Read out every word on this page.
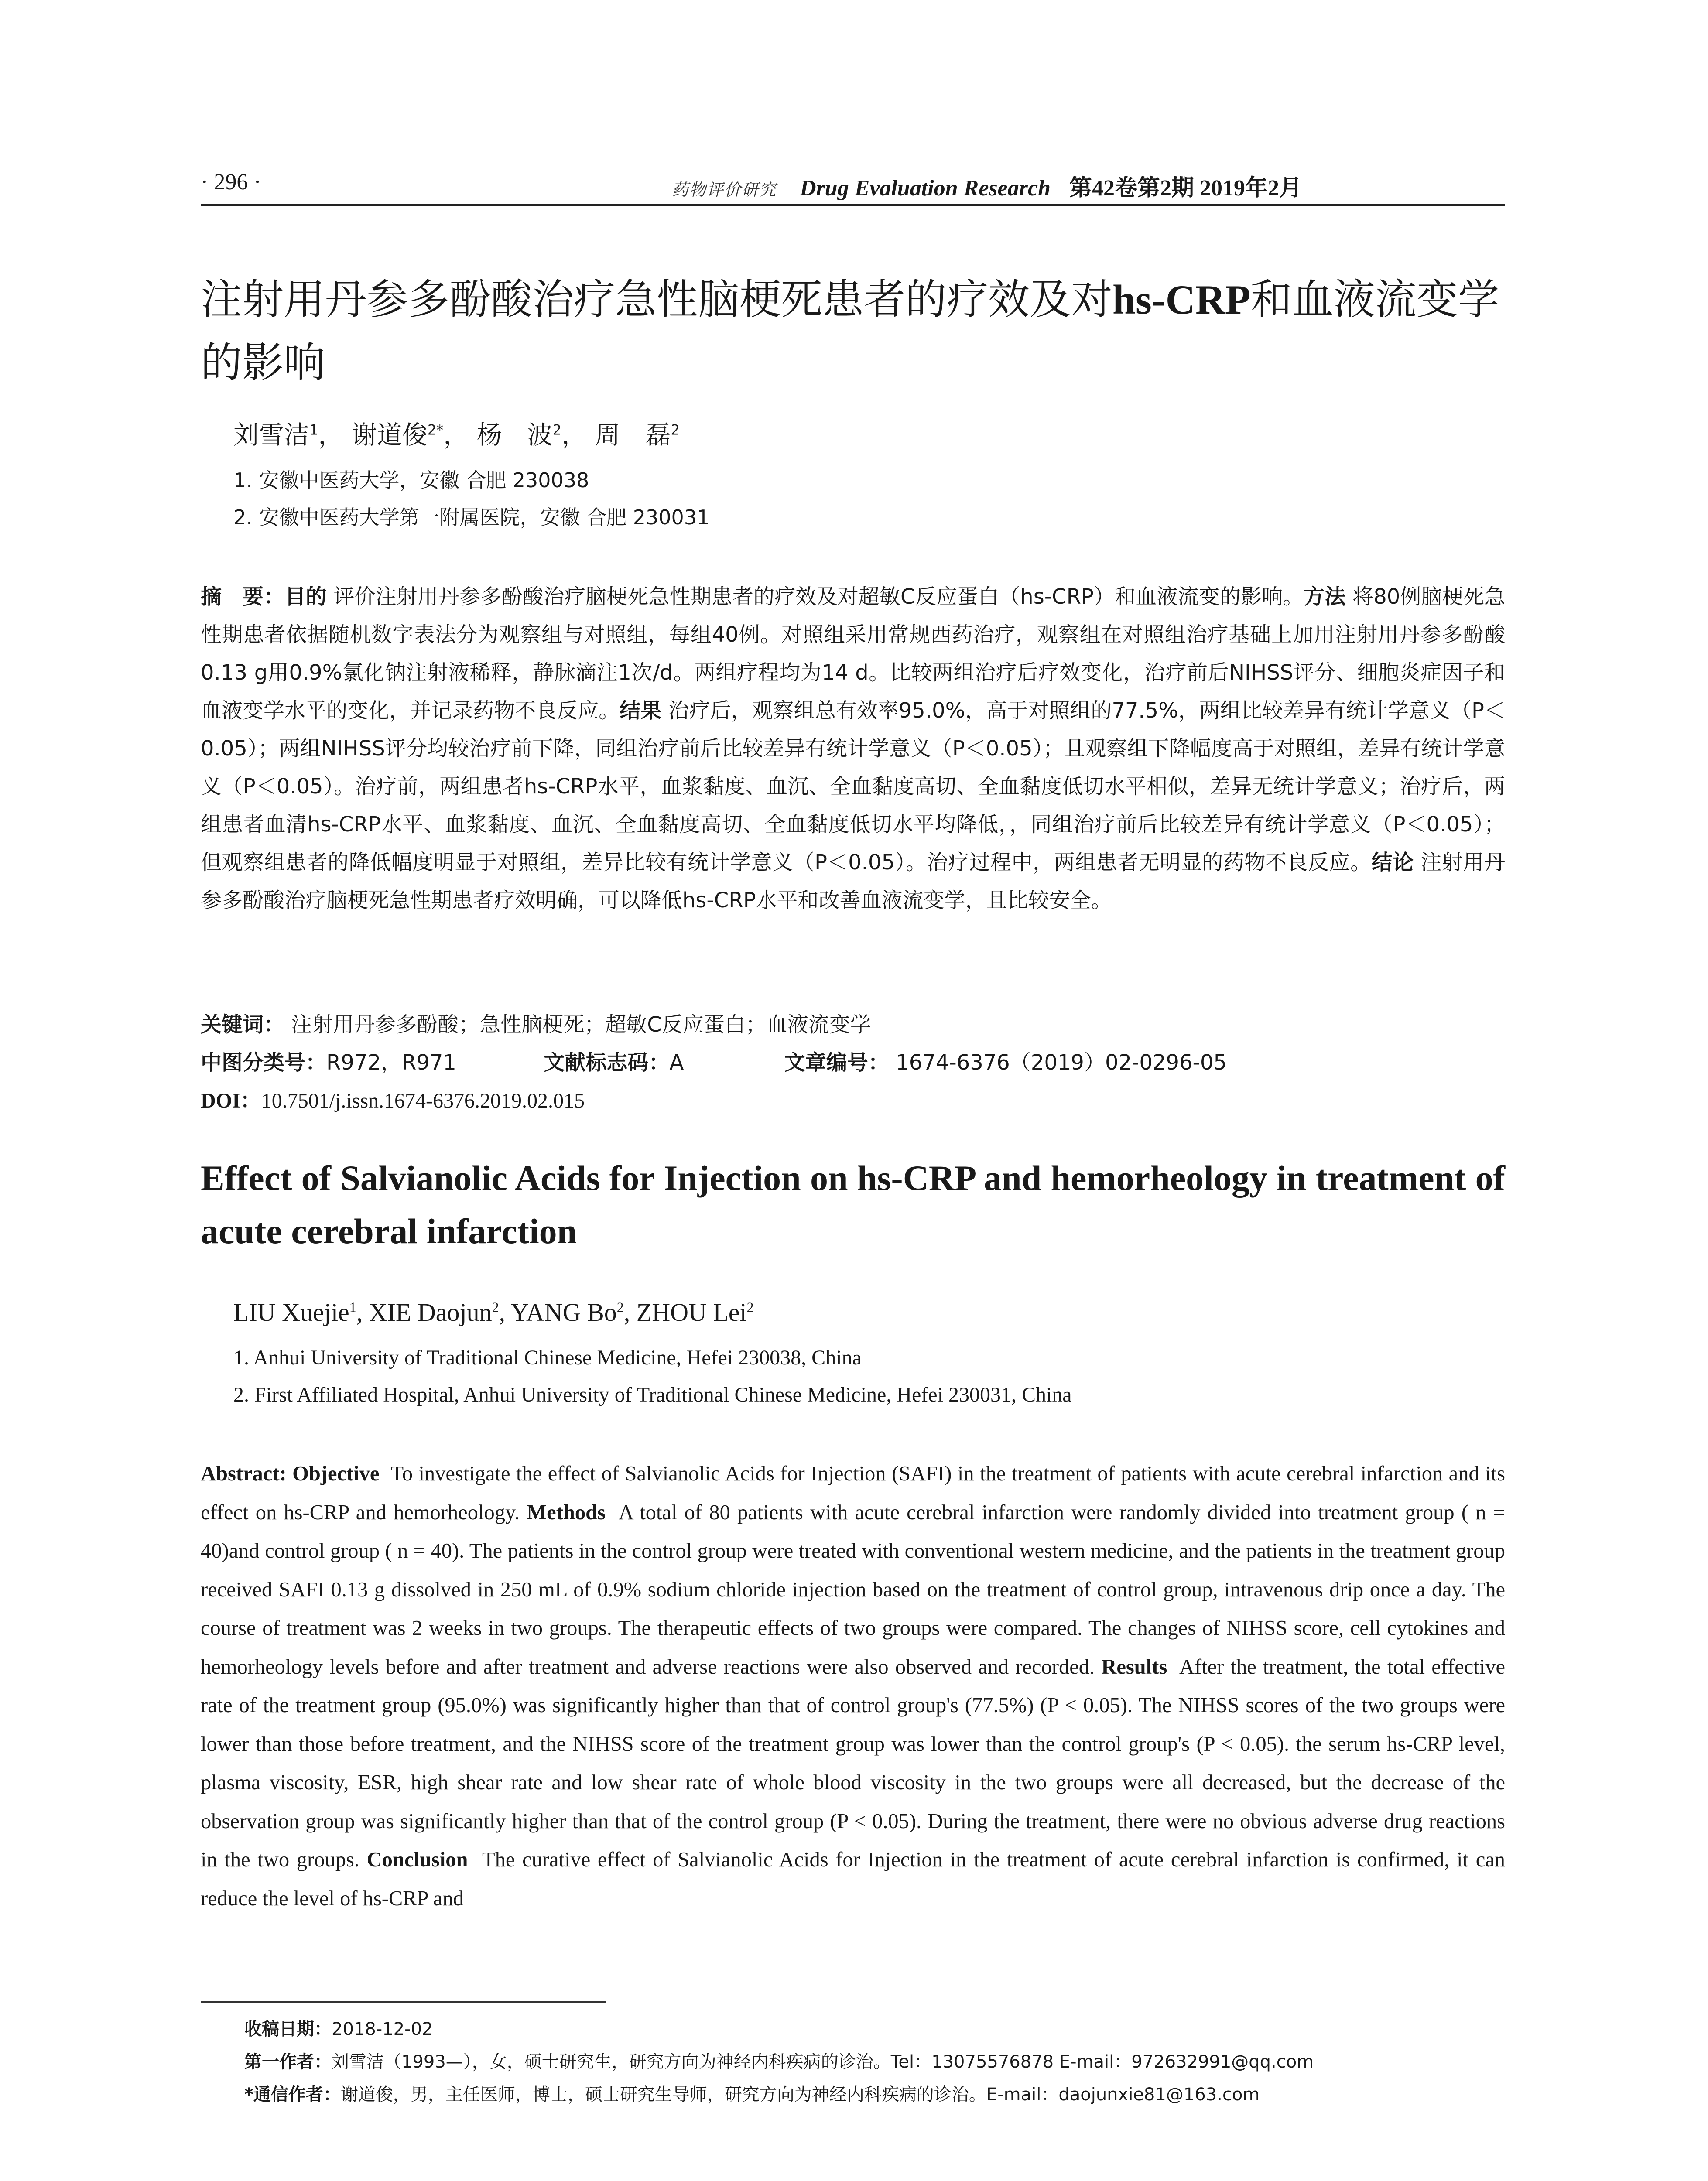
· 296 ·	药物评价研究 Drug Evaluation Research 第42卷第2期 2019年2月
注射用丹参多酚酸治疗急性脑梗死患者的疗效及对hs-CRP和血液流变学的影响
刘雪洁$^1$， 谢道俊$^{2*}$， 杨　波$^2$， 周　磊$^2$
1. 安徽中医药大学，安徽 合肥 230038
2. 安徽中医药大学第一附属医院，安徽 合肥 230031

摘　要：目的 评价注射用丹参多酚酸治疗脑梗死急性期患者的疗效及对超敏C反应蛋白（hs-CRP）和血液流变的影响。方法 将80例脑梗死急性期患者依据随机数字表法分为观察组与对照组，每组40例。对照组采用常规西药治疗，观察组在对照组治疗基础上加用注射用丹参多酚酸0.13 g用0.9%氯化钠注射液稀释，静脉滴注1次/d。两组疗程均为14 d。比较两组治疗后疗效变化，治疗前后NIHSS评分、细胞炎症因子和血液变学水平的变化，并记录药物不良反应。结果 治疗后，观察组总有效率95.0%，高于对照组的77.5%，两组比较差异有统计学意义（P＜0.05）；两组NIHSS评分均较治疗前下降，同组治疗前后比较差异有统计学意义（P＜0.05）；且观察组下降幅度高于对照组，差异有统计学意义（P＜0.05）。治疗前，两组患者hs-CRP水平，血浆黏度、血沉、全血黏度高切、全血黏度低切水平相似，差异无统计学意义；治疗后，两组患者血清hs-CRP水平、血浆黏度、血沉、全血黏度高切、全血黏度低切水平均降低，，同组治疗前后比较差异有统计学意义（P＜0.05）；但观察组患者的降低幅度明显于对照组，差异比较有统计学意义（P＜0.05）。治疗过程中，两组患者无明显的药物不良反应。结论 注射用丹参多酚酸治疗脑梗死急性期患者疗效明确，可以降低hs-CRP水平和改善血液流变学，且比较安全。

关键词： 注射用丹参多酚酸；急性脑梗死；超敏C反应蛋白；血液流变学
中图分类号：R972，R971	文献标志码：A	文章编号： 1674-6376（2019）02-0296-05
DOI：10.7501/j.issn.1674-6376.2019.02.015
Effect of Salvianolic Acids for Injection on hs-CRP and hemorheology in treatment of acute cerebral infarction
LIU Xuejie$^1$, XIE Daojun$^2$, YANG Bo$^2$, ZHOU Lei$^2$
1. Anhui University of Traditional Chinese Medicine, Hefei 230038, China
2. First Affiliated Hospital, Anhui University of Traditional Chinese Medicine, Hefei 230031, China
Abstract: Objective To investigate the effect of Salvianolic Acids for Injection (SAFI) in the treatment of patients with acute cerebral infarction and its effect on hs-CRP and hemorheology. Methods A total of 80 patients with acute cerebral infarction were randomly divided into treatment group ( n = 40)and control group ( n = 40). The patients in the control group were treated with conventional western medicine, and the patients in the treatment group received SAFI 0.13 g dissolved in 250 mL of 0.9% sodium chloride injection based on the treatment of control group, intravenous drip once a day. The course of treatment was 2 weeks in two groups. The therapeutic effects of two groups were compared. The changes of NIHSS score, cell cytokines and hemorheology levels before and after treatment and adverse reactions were also observed and recorded. Results After the treatment, the total effective rate of the treatment group (95.0%) was significantly higher than that of control group's (77.5%) (P < 0.05). The NIHSS scores of the two groups were lower than those before treatment, and the NIHSS score of the treatment group was lower than the control group's (P < 0.05). the serum hs-CRP level, plasma viscosity, ESR, high shear rate and low shear rate of whole blood viscosity in the two groups were all decreased, but the decrease of the observation group was significantly higher than that of the control group (P < 0.05). During the treatment, there were no obvious adverse drug reactions in the two groups. Conclusion The curative effect of Salvianolic Acids for Injection in the treatment of acute cerebral infarction is confirmed, it can reduce the level of hs-CRP and
收稿日期：2018-12-02
第一作者：刘雪洁（1993—），女，硕士研究生，研究方向为神经内科疾病的诊治。Tel：13075576878 E-mail：972632991@qq.com
*通信作者：谢道俊，男，主任医师，博士，硕士研究生导师，研究方向为神经内科疾病的诊治。E-mail：daojunxie81@163.com
